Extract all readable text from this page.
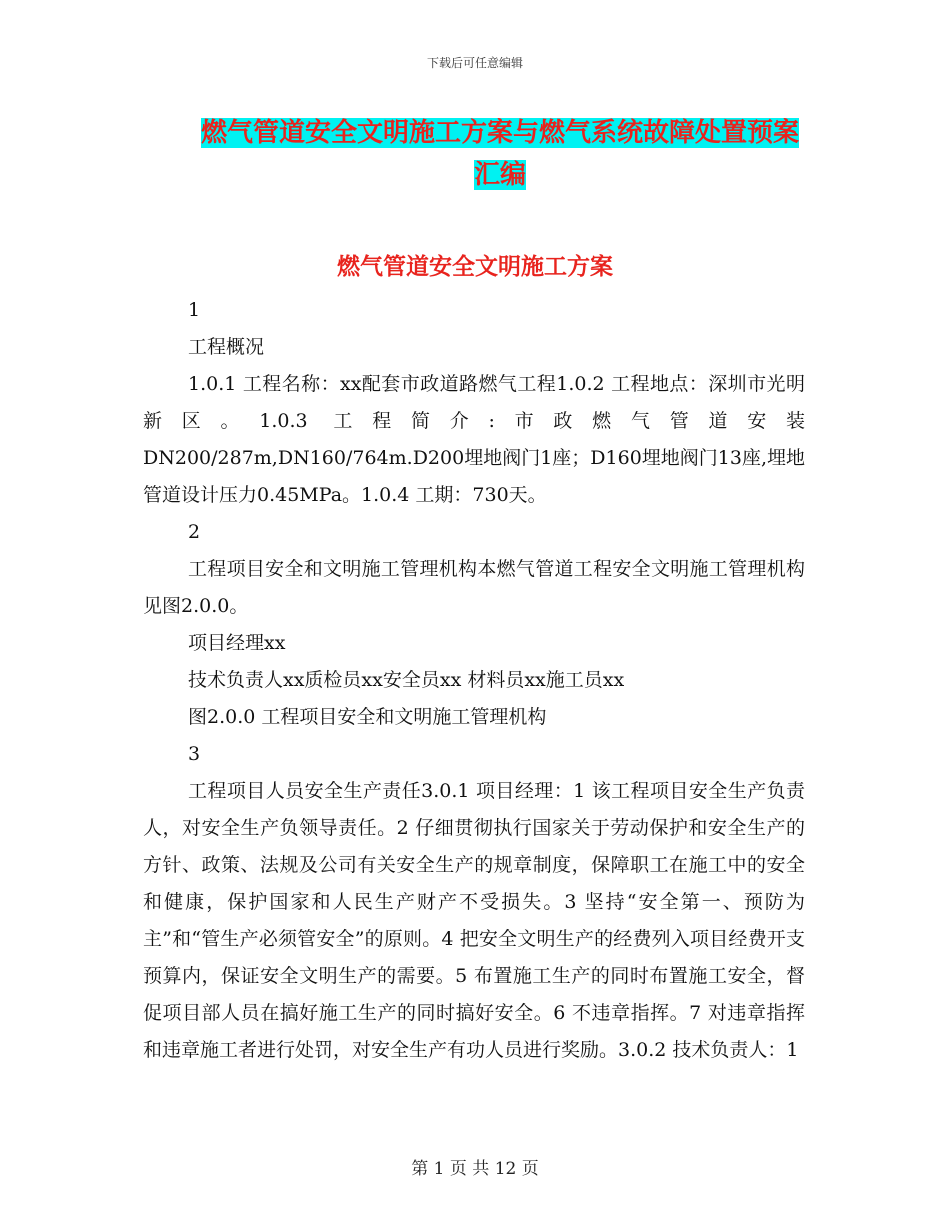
下载后可任意编辑
燃气管道安全文明施工方案与燃气系统故障处置预案
汇编
燃气管道安全文明施工方案

1

工程概况

1.0.1 工程名称：xx配套市政道路燃气工程1.0.2 工程地点：深圳市光明新区。1.0.3 工程简介:市政燃气管道安装DN200/287m,DN160/764m.D200埋地阀门1座；D160埋地阀门13座,埋地管道设计压力0.45MPa。1.0.4 工期：730天。

2

工程项目安全和文明施工管理机构本燃气管道工程安全文明施工管理机构见图2.0.0。

项目经理xx

技术负责人xx质检员xx安全员xx 材料员xx施工员xx

图2.0.0 工程项目安全和文明施工管理机构

3

工程项目人员安全生产责任3.0.1 项目经理：1 该工程项目安全生产负责人，对安全生产负领导责任。2 仔细贯彻执行国家关于劳动保护和安全生产的方针、政策、法规及公司有关安全生产的规章制度，保障职工在施工中的安全和健康，保护国家和人民生产财产不受损失。3 坚持“安全第一、预防为主”和“管生产必须管安全”的原则。4 把安全文明生产的经费列入项目经费开支预算内，保证安全文明生产的需要。5 布置施工生产的同时布置施工安全，督促项目部人员在搞好施工生产的同时搞好安全。6 不违章指挥。7 对违章指挥和违章施工者进行处罚，对安全生产有功人员进行奖励。3.0.2 技术负责人：1

第 1 页 共 12 页
